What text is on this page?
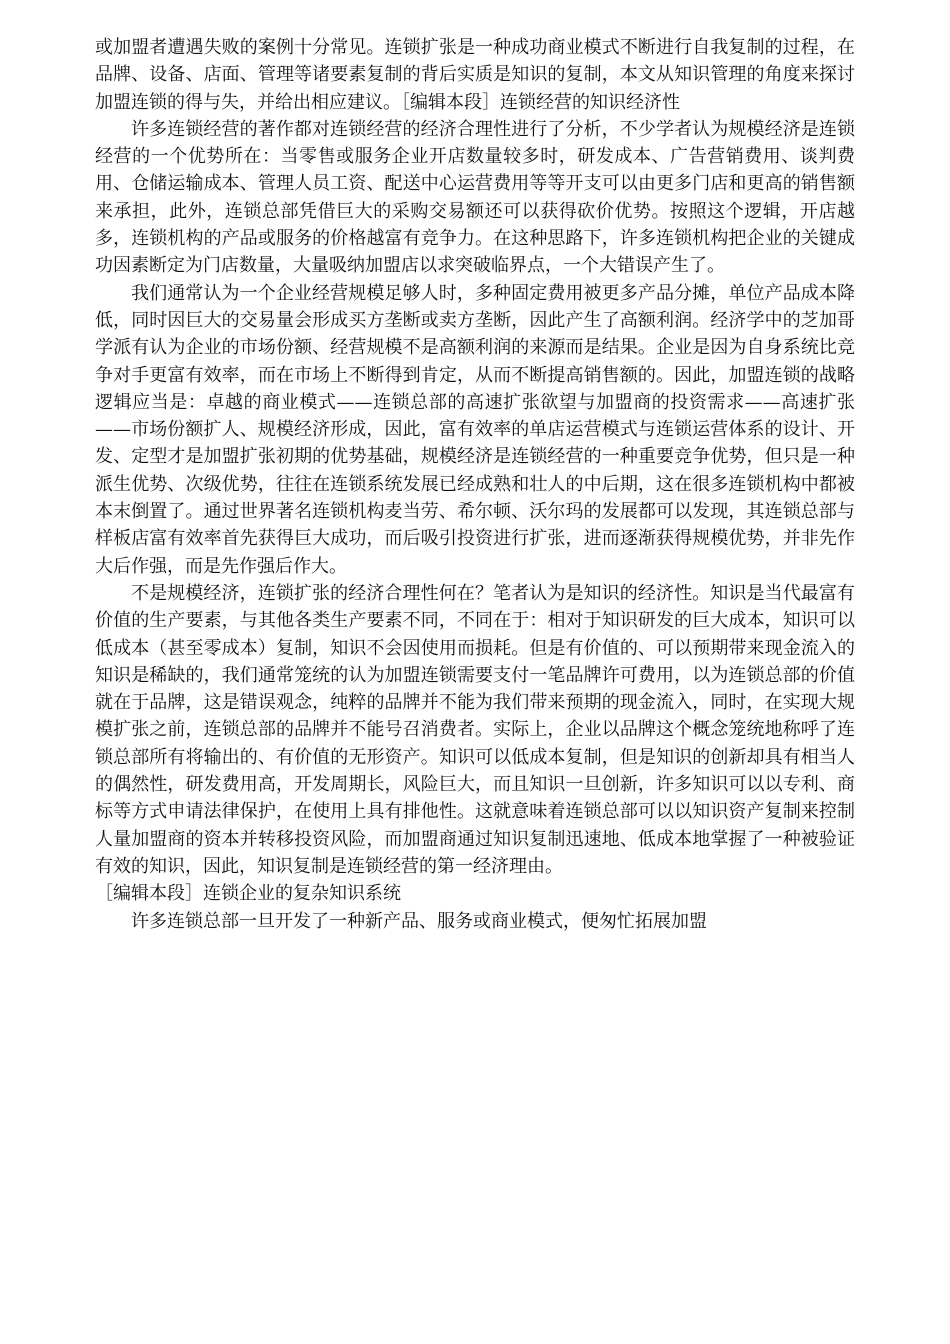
或加盟者遭遇失败的案例十分常见。连锁扩张是一种成功商业模式不断进行自我复制的过程，在品牌、设备、店面、管理等诸要素复制的背后实质是知识的复制，本文从知识管理的角度来探讨加盟连锁的得与失，并给出相应建议。［编辑本段］连锁经营的知识经济性

许多连锁经营的著作都对连锁经营的经济合理性进行了分析，不少学者认为规模经济是连锁经营的一个优势所在：当零售或服务企业开店数量较多时，研发成本、广告营销费用、谈判费用、仓储运输成本、管理人员工资、配送中心运营费用等等开支可以由更多门店和更高的销售额来承担，此外，连锁总部凭借巨大的采购交易额还可以获得砍价优势。按照这个逻辑，开店越多，连锁机构的产品或服务的价格越富有竞争力。在这种思路下，许多连锁机构把企业的关键成功因素断定为门店数量，大量吸纳加盟店以求突破临界点，一个大错误产生了。

我们通常认为一个企业经营规模足够人时，多种固定费用被更多产品分摊，单位产品成本降低，同时因巨大的交易量会形成买方垄断或卖方垄断，因此产生了高额利润。经济学中的芝加哥学派有认为企业的市场份额、经营规模不是高额利润的来源而是结果。企业是因为自身系统比竞争对手更富有效率，而在市场上不断得到肯定，从而不断提高销售额的。因此，加盟连锁的战略逻辑应当是：卓越的商业模式——连锁总部的高速扩张欲望与加盟商的投资需求——高速扩张——市场份额扩人、规模经济形成，因此，富有效率的单店运营模式与连锁运营体系的设计、开发、定型才是加盟扩张初期的优势基础，规模经济是连锁经营的一种重要竞争优势，但只是一种派生优势、次级优势，往往在连锁系统发展已经成熟和壮人的中后期，这在很多连锁机构中都被本末倒置了。通过世界著名连锁机构麦当劳、希尔顿、沃尔玛的发展都可以发现，其连锁总部与样板店富有效率首先获得巨大成功，而后吸引投资进行扩张，进而逐渐获得规模优势，并非先作大后作强，而是先作强后作大。

不是规模经济，连锁扩张的经济合理性何在？笔者认为是知识的经济性。知识是当代最富有价值的生产要素，与其他各类生产要素不同，不同在于：相对于知识研发的巨大成本，知识可以低成本（甚至零成本）复制，知识不会因使用而损耗。但是有价值的、可以预期带来现金流入的知识是稀缺的，我们通常笼统的认为加盟连锁需要支付一笔品牌许可费用，以为连锁总部的价值就在于品牌，这是错误观念，纯粹的品牌并不能为我们带来预期的现金流入，同时，在实现大规模扩张之前，连锁总部的品牌并不能号召消费者。实际上，企业以品牌这个概念笼统地称呼了连锁总部所有将输出的、有价值的无形资产。知识可以低成本复制，但是知识的创新却具有相当人的偶然性，研发费用高，开发周期长，风险巨大，而且知识一旦创新，许多知识可以以专利、商标等方式申请法律保护，在使用上具有排他性。这就意味着连锁总部可以以知识资产复制来控制人量加盟商的资本并转移投资风险，而加盟商通过知识复制迅速地、低成本地掌握了一种被验证有效的知识，因此，知识复制是连锁经营的第一经济理由。

［编辑本段］连锁企业的复杂知识系统

许多连锁总部一旦开发了一种新产品、服务或商业模式，便匆忙拓展加盟
